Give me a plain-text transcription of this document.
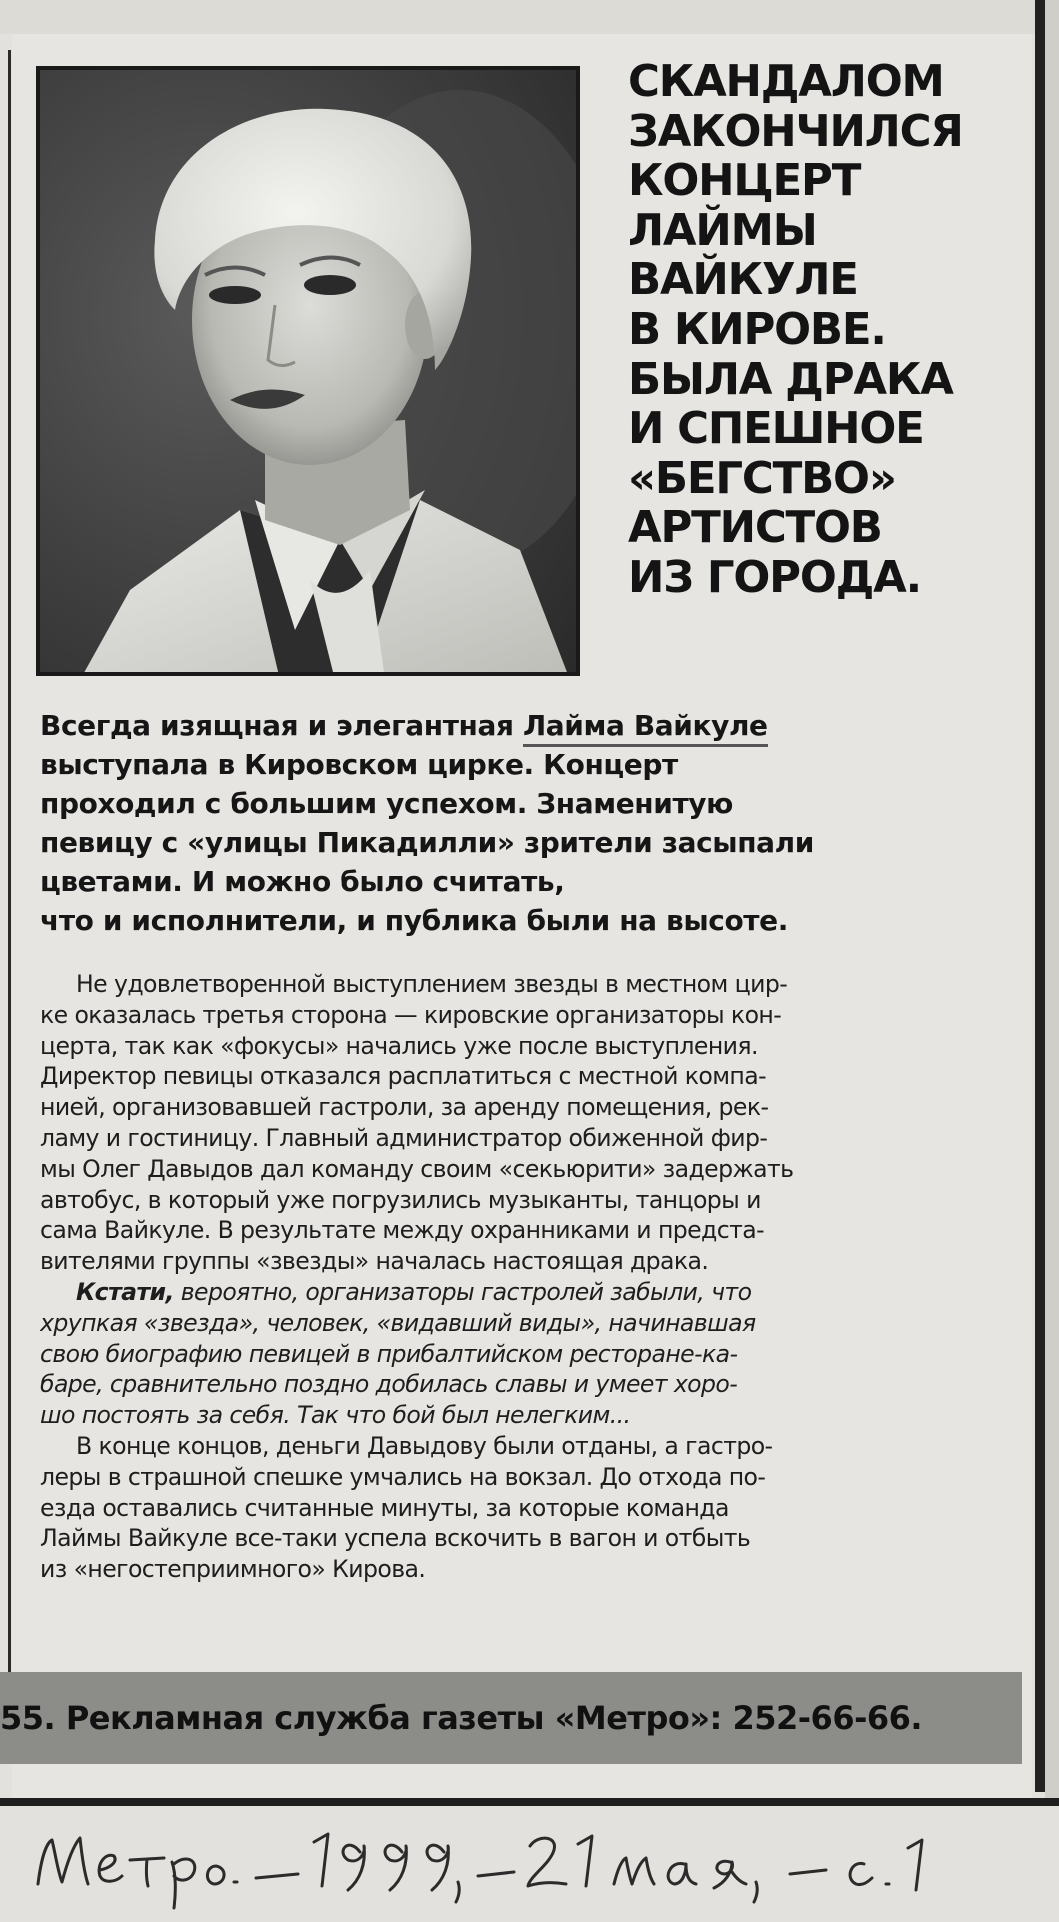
СКАНДАЛОМ
ЗАКОНЧИЛСЯ
КОНЦЕРТ
ЛАЙМЫ
ВАЙКУЛЕ
В КИРОВЕ.
БЫЛА ДРАКА
И СПЕШНОЕ
«БЕГСТВО»
АРТИСТОВ
ИЗ ГОРОДА.
Всегда изящная и элегантная Лайма Вайкуле
выступала в Кировском цирке. Концерт
проходил с большим успехом. Знаменитую
певицу с «улицы Пикадилли» зрители засыпали
цветами. И можно было считать,
что и исполнители, и публика были на высоте.
Не удовлетворенной выступлением звезды в местном цир-
ке оказалась третья сторона — кировские организаторы кон-
церта, так как «фокусы» начались уже после выступления.
Директор певицы отказался расплатиться с местной компа-
нией, организовавшей гастроли, за аренду помещения, рек-
ламу и гостиницу. Главный администратор обиженной фир-
мы Олег Давыдов дал команду своим «секьюрити» задержать
автобус, в который уже погрузились музыканты, танцоры и
сама Вайкуле. В результате между охранниками и предста-
вителями группы «звезды» началась настоящая драка.
Кстати, вероятно, организаторы гастролей забыли, что
хрупкая «звезда», человек, «видавший виды», начинавшая
свою биографию певицей в прибалтийском ресторане-ка-
баре, сравнительно поздно добилась славы и умеет хоро-
шо постоять за себя. Так что бой был нелегким...
В конце концов, деньги Давыдову были отданы, а гастро-
леры в страшной спешке умчались на вокзал. До отхода по-
езда оставались считанные минуты, за которые команда
Лаймы Вайкуле все-таки успела вскочить в вагон и отбыть
из «негостеприимного» Кирова.
55. Рекламная служба газеты «Метро»: 252-66-66.
